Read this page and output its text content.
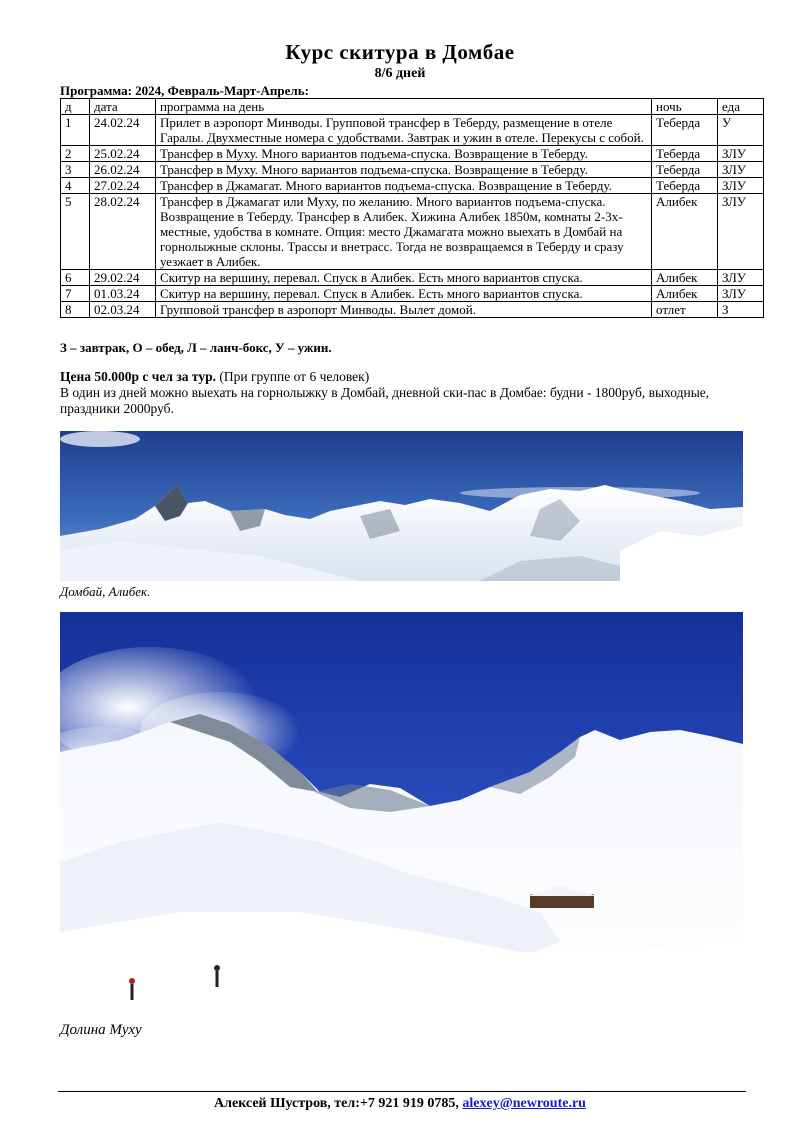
Курс скитура в Домбае
8/6 дней
Программа: 2024, Февраль-Март-Апрель:
д	дата	программа на день	ночь	еда
1	24.02.24	Прилет в аэропорт Минводы. Групповой трансфер в Теберду, размещение в отеле Гаралы. Двухместные номера с удобствами. Завтрак и ужин в отеле. Перекусы с собой.	Теберда	У
2	25.02.24	Трансфер в Муху. Много вариантов подъема-спуска. Возвращение в Теберду.	Теберда	ЗЛУ
3	26.02.24	Трансфер в Муху. Много вариантов подъема-спуска. Возвращение в Теберду.	Теберда	ЗЛУ
4	27.02.24	Трансфер в Джамагат. Много вариантов подъема-спуска. Возвращение в Теберду.	Теберда	ЗЛУ
5	28.02.24	Трансфер в Джамагат или Муху, по желанию. Много вариантов подъема-спуска. Возвращение в Теберду. Трансфер в Алибек. Хижина Алибек 1850м, комнаты 2-3х-местные, удобства в комнате. Опция: место Джамагата можно выехать в Домбай на горнолыжные склоны. Трассы и внетрасс. Тогда не возвращаемся в Теберду и сразу уезжает в Алибек.	Алибек	ЗЛУ
6	29.02.24	Скитур на вершину, перевал. Спуск в Алибек. Есть много вариантов спуска.	Алибек	ЗЛУ
7	01.03.24	Скитур на вершину, перевал. Спуск в Алибек. Есть много вариантов спуска.	Алибек	ЗЛУ
8	02.03.24	Групповой трансфер в аэропорт Минводы. Вылет домой.	отлет	З
З – завтрак, О – обед, Л – ланч-бокс, У – ужин.
Цена 50.000р с чел за тур. (При группе от 6 человек)
В один из дней можно выехать на горнолыжку в Домбай, дневной ски-пас в Домбае: будни - 1800руб, выходные, праздники 2000руб.
Домбай, Алибек.
Долина Муху
Алексей Шустров, тел:+7 921 919 0785, alexey@newroute.ru
